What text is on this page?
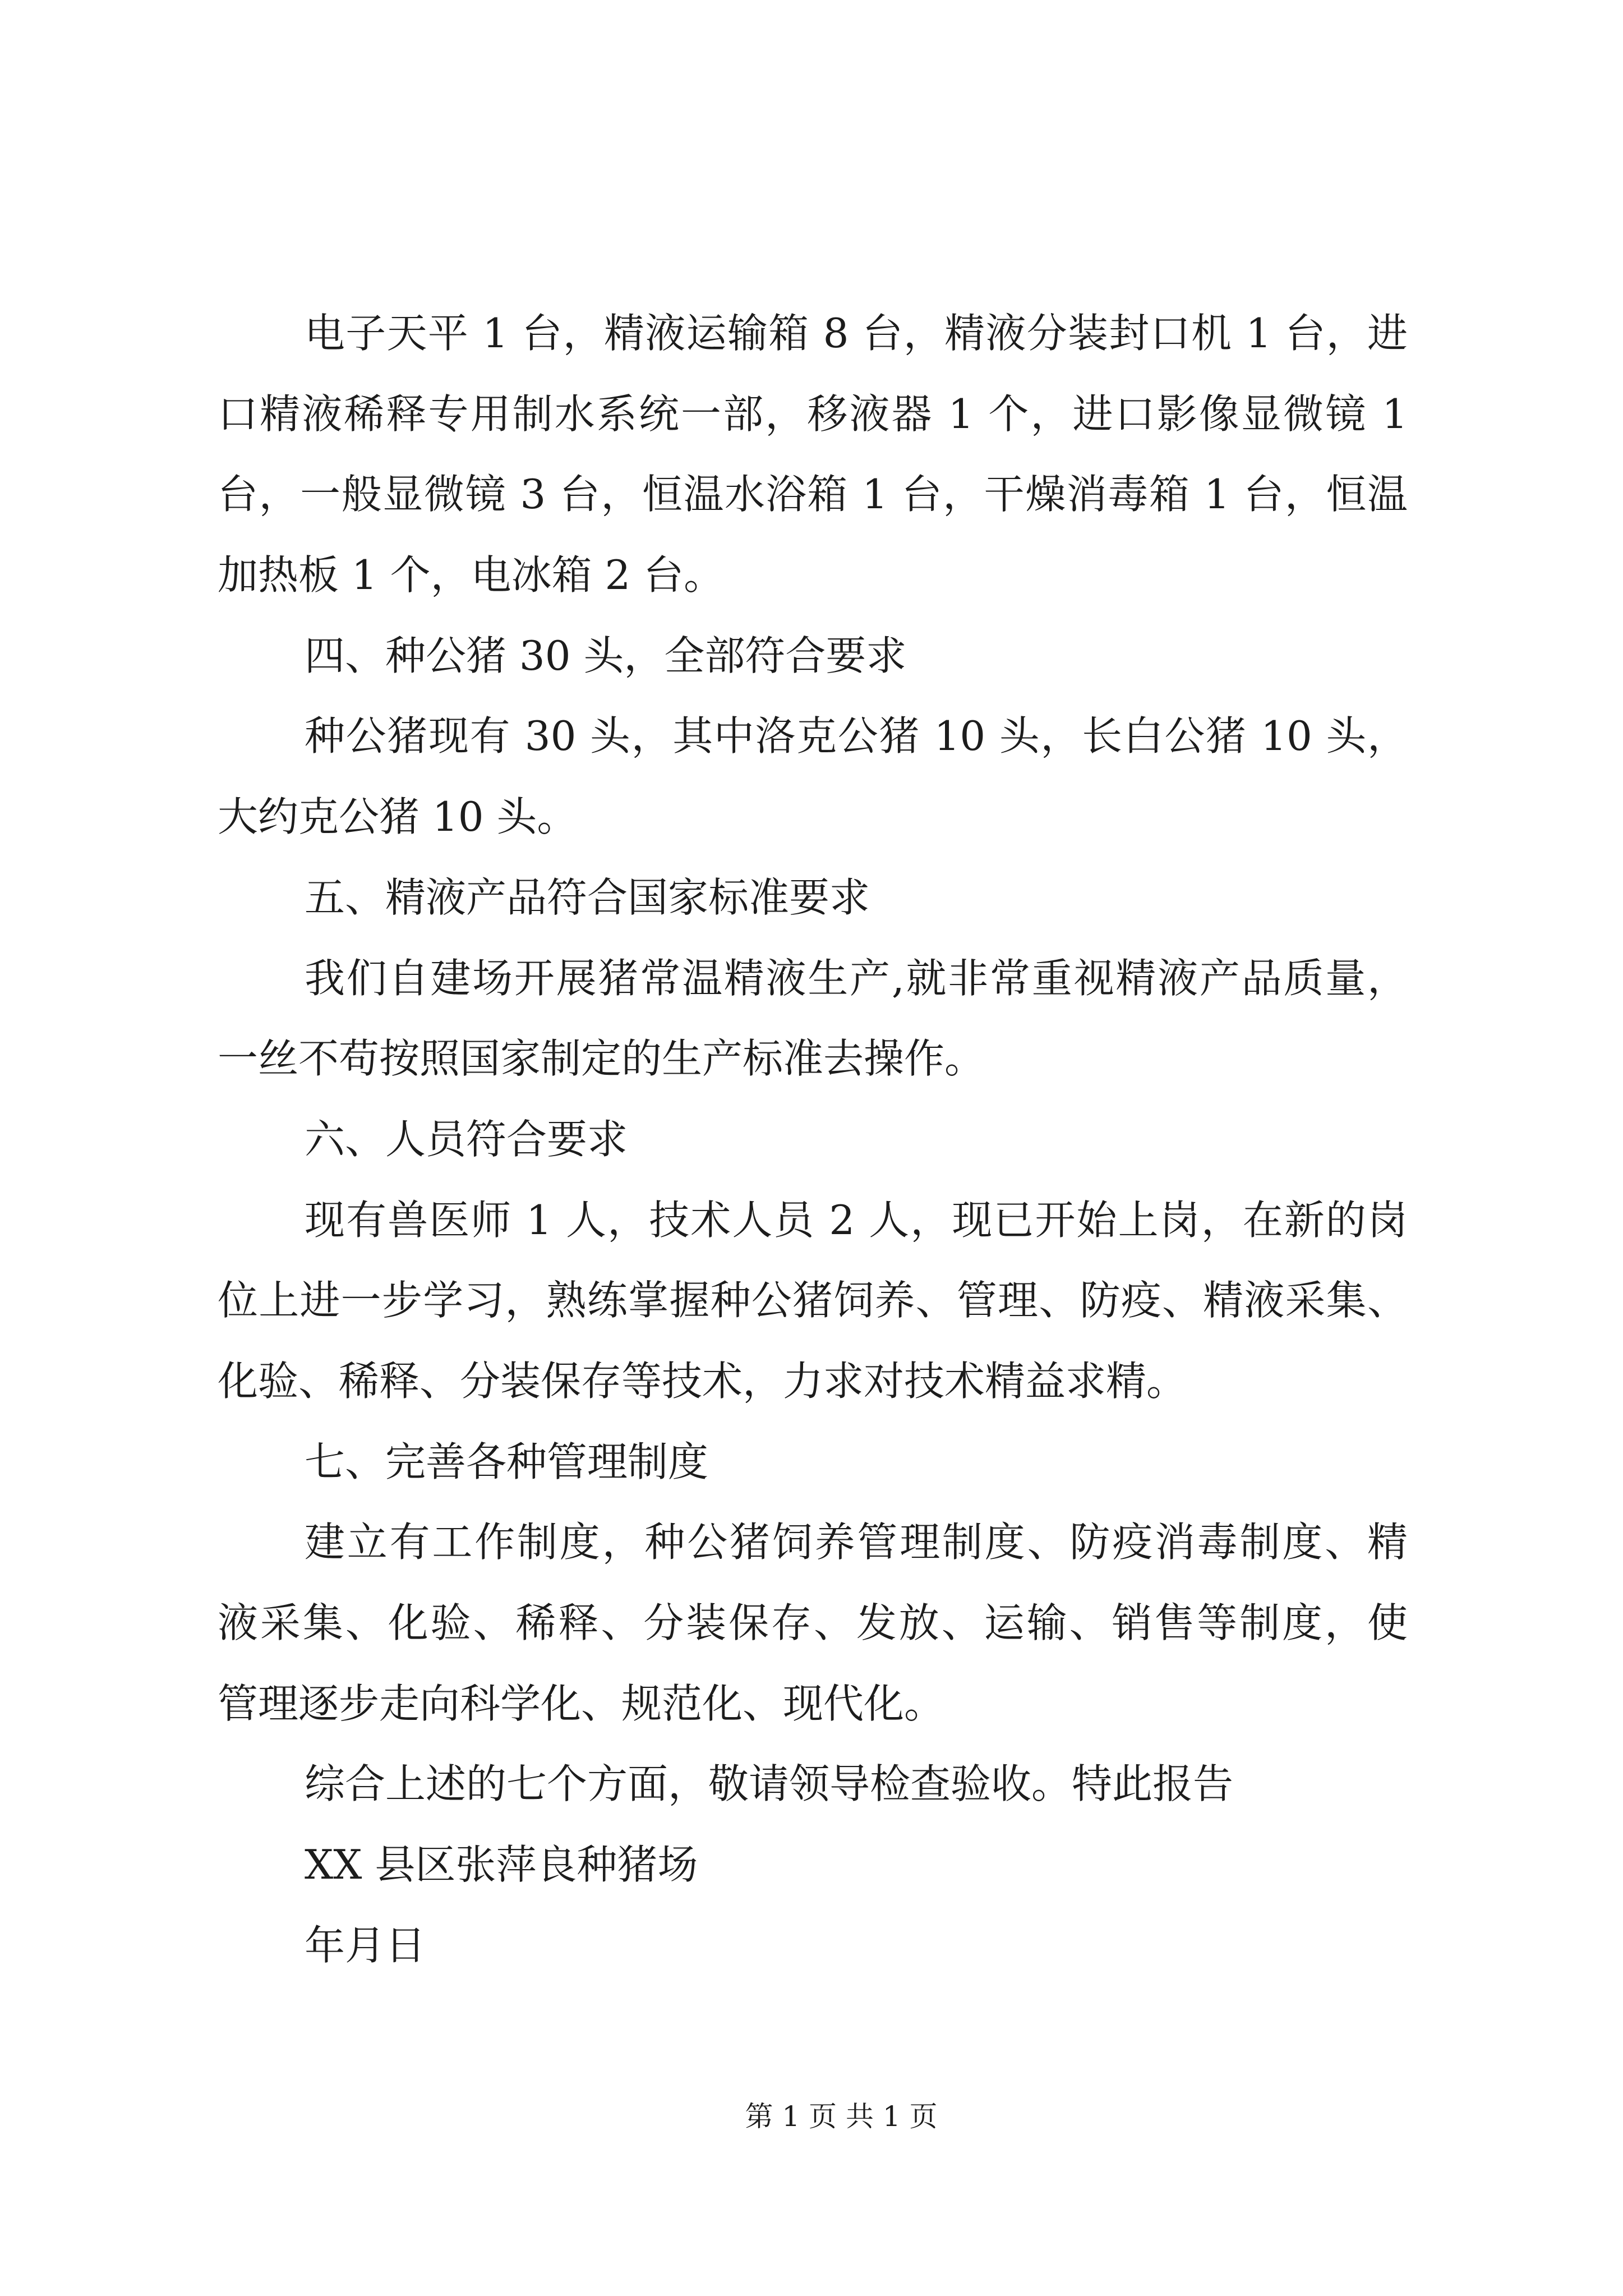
电子天平 1 台，精液运输箱 8 台，精液分装封口机 1 台，进
口精液稀释专用制水系统一部，移液器 1 个，进口影像显微镜 1
台，一般显微镜 3 台，恒温水浴箱 1 台，干燥消毒箱 1 台，恒温
加热板 1 个，电冰箱 2 台。
四、种公猪 30 头，全部符合要求
种公猪现有 30 头，其中洛克公猪 10 头，长白公猪 10 头，
大约克公猪 10 头。
五、精液产品符合国家标准要求
我们自建场开展猪常温精液生产,就非常重视精液产品质量，
一丝不苟按照国家制定的生产标准去操作。
六、人员符合要求
现有兽医师 1 人，技术人员 2 人，现已开始上岗，在新的岗
位上进一步学习，熟练掌握种公猪饲养、管理、防疫、精液采集、
化验、稀释、分装保存等技术，力求对技术精益求精。
七、完善各种管理制度
建立有工作制度，种公猪饲养管理制度、防疫消毒制度、精
液采集、化验、稀释、分装保存、发放、运输、销售等制度，使
管理逐步走向科学化、规范化、现代化。
综合上述的七个方面，敬请领导检查验收。特此报告
XX 县区张萍良种猪场
年月日
第 1 页 共 1 页
